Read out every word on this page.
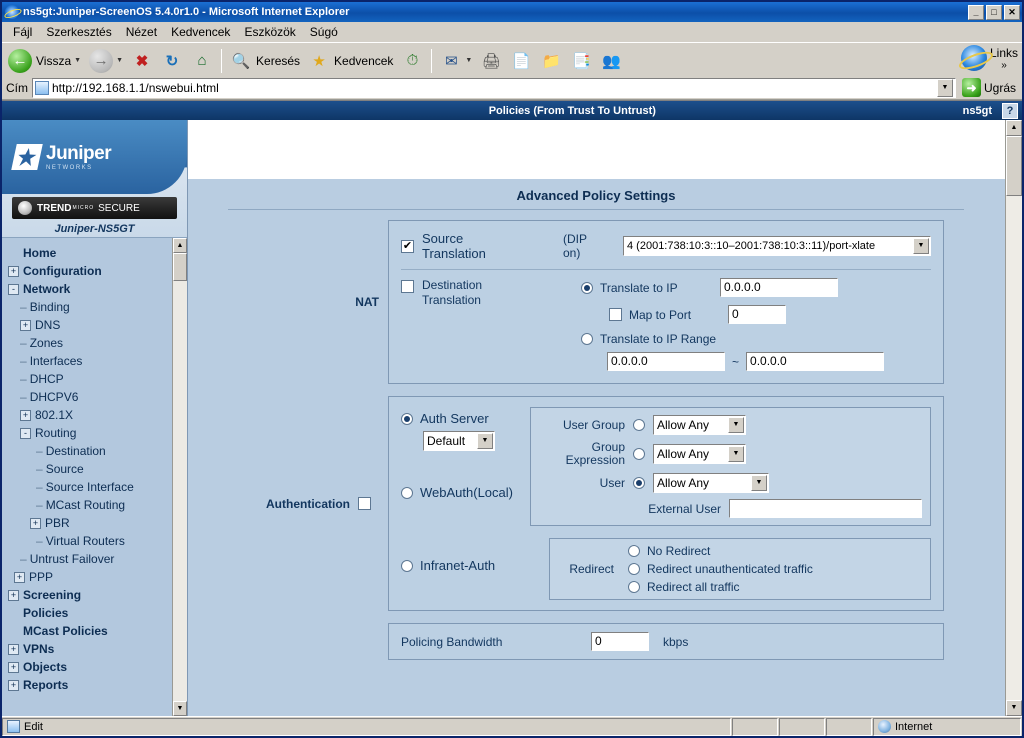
ns5gt:Juniper-ScreenOS 5.4.0r1.0 - Microsoft Internet Explorer	_	□	✕
Fájl	Szerkesztés	Nézet	Kedvencek	Eszközök	Súgó
← Vissza ▼ → ▼ ✖	↻	⌂	🔍 Keresés ★ Kedvencek ⏱	✉	▼ 🖨 📄 📁 📑 👥	Links
»
Cím http://192.168.1.1/nswebui.html	▼	➜ Ugrás
Policies (From Trust To Untrust)	ns5gt	?
Juniper
NETWORKS
TREND MICRO SECURE
Juniper-NS5GT
Home
+ Configuration
- Network
– Binding
+ DNS
– Zones
– Interfaces
– DHCP
– DHCPV6
+ 802.1X
- Routing
– Destination
– Source
– Source Interface
– MCast Routing
+ PBR
– Virtual Routers
– Untrust Failover
+ PPP
+ Screening
Policies
MCast Policies
+ VPNs
+ Objects
+ Reports
▲
▼
Advanced Policy Settings
NAT
✔ Source Translation
(DIP
on)	4 (2001:738:10:3::10–2001:738:10:3::11)/port-xlate	▼
Destination Translation
Translate to IP	0.0.0.0
Map to Port	0
Translate to IP Range
0.0.0.0	~ 0.0.0.0
Authentication
Auth Server
Default	▼
WebAuth(Local)
User Group	Allow Any	▼
Group Expression	Allow Any	▼
User	Allow Any	▼
External User
Infranet-Auth	Redirect
No Redirect
Redirect unauthenticated traffic
Redirect all traffic
Policing Bandwidth	0	kbps
▲
▼
Edit	Internet
